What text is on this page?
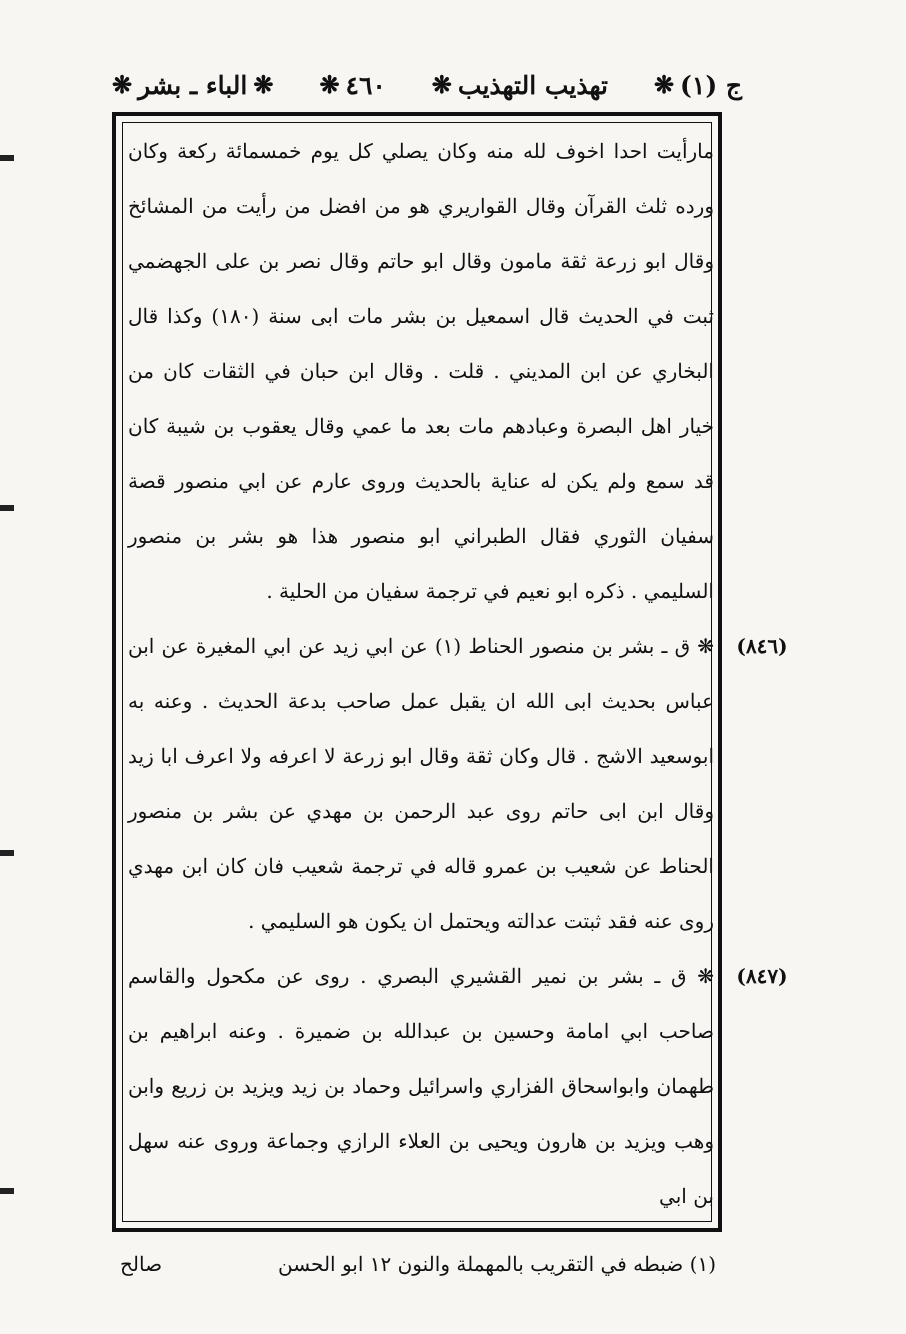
ج (١)
❋
تهذيب التهذيب
❋
٤٦٠
❋
❋
الباء ـ بشر
❋

مارأيت احدا اخوف لله منه وكان يصلي كل يوم خمسمائة ركعة وكان ورده ثلث القرآن وقال القواريري هو من افضل من رأيت من المشائخ وقال ابو زرعة ثقة مامون وقال ابو حاتم وقال نصر بن على الجهضمي ثبت في الحديث قال اسمعيل بن بشر مات ابى سنة (١٨٠) وكذا قال البخاري عن ابن المديني . قلت . وقال ابن حبان في الثقات كان من خيار اهل البصرة وعبادهم مات بعد ما عمي وقال يعقوب بن شيبة كان قد سمع ولم يكن له عناية بالحديث وروى عارم عن ابي منصور قصة سفيان الثوري فقال الطبراني ابو منصور هذا هو بشر بن منصور السليمي . ذكره ابو نعيم في ترجمة سفيان من الحلية .

(٨٤٦)
❋ ق ـ بشر بن منصور الحناط (١) عن ابي زيد عن ابي المغيرة عن ابن عباس بحديث ابى الله ان يقبل عمل صاحب بدعة الحديث . وعنه به ابوسعيد الاشج . قال وكان ثقة وقال ابو زرعة لا اعرفه ولا اعرف ابا زيد وقال ابن ابى حاتم روى عبد الرحمن بن مهدي عن بشر بن منصور الحناط عن شعيب بن عمرو قاله في ترجمة شعيب فان كان ابن مهدي روى عنه فقد ثبتت عدالته ويحتمل ان يكون هو السليمي .

(٨٤٧)
❋ ق ـ بشر بن نمير القشيري البصري . روى عن مكحول والقاسم صاحب ابي امامة وحسين بن عبدالله بن ضميرة . وعنه ابراهيم بن طهمان وابواسحاق الفزاري واسرائيل وحماد بن زيد ويزيد بن زريع وابن وهب ويزيد بن هارون ويحيى بن العلاء الرازي وجماعة وروى عنه سهل بن ابي

(١) ضبطه في التقريب بالمهملة والنون ١٢ ابو الحسن
صالح
